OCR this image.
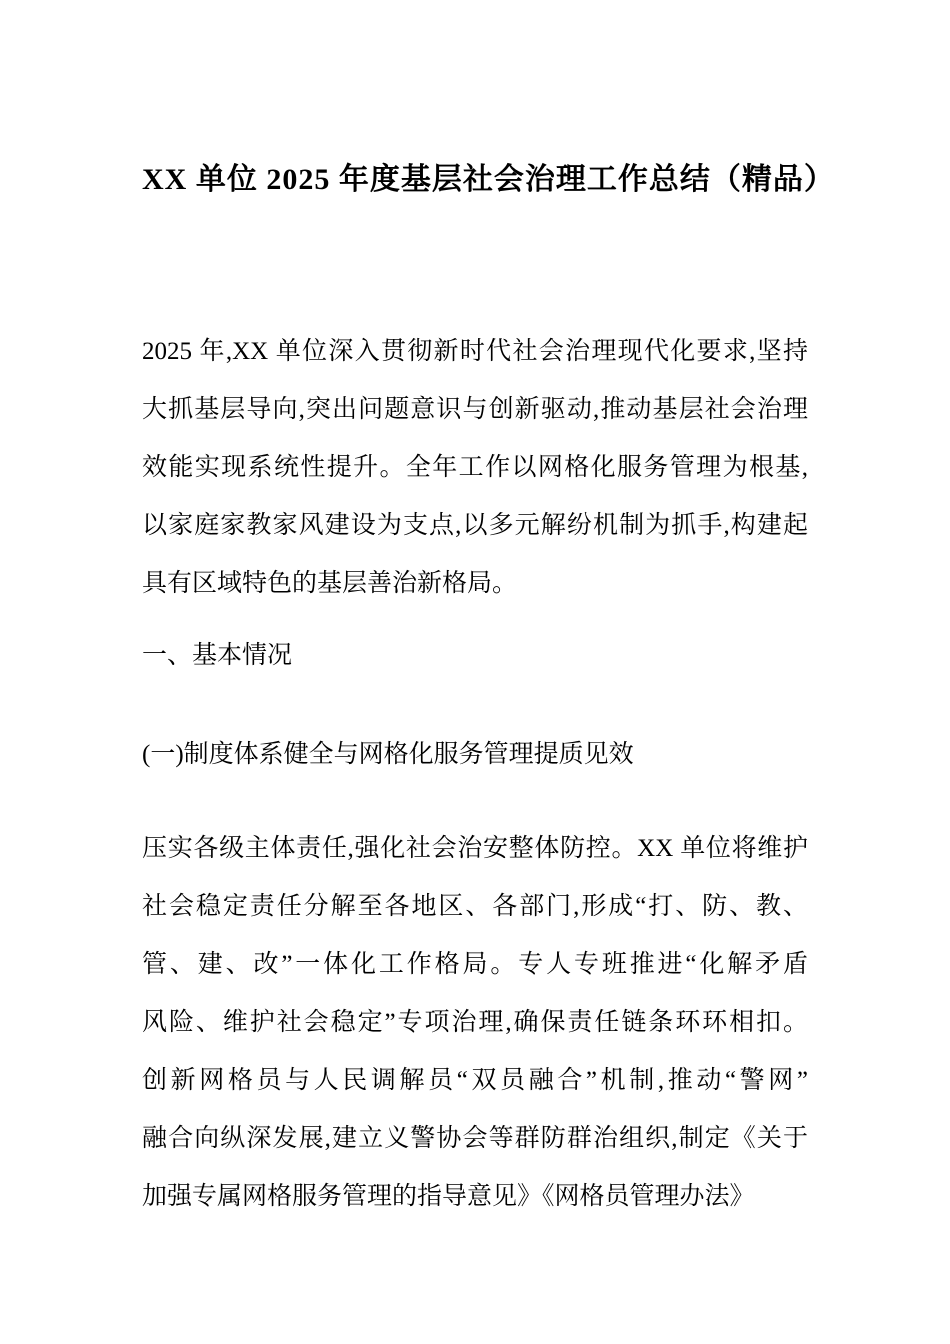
XX 单位 2025 年度基层社会治理工作总结（精品）
2025 年,XX 单位深入贯彻新时代社会治理现代化要求,坚持
大抓基层导向,突出问题意识与创新驱动,推动基层社会治理
效能实现系统性提升。全年工作以网格化服务管理为根基,
以家庭家教家风建设为支点,以多元解纷机制为抓手,构建起
具有区域特色的基层善治新格局。
一、基本情况
(一)制度体系健全与网格化服务管理提质见效
压实各级主体责任,强化社会治安整体防控。XX 单位将维护
社会稳定责任分解至各地区、各部门,形成“打、防、教、
管、建、改”一体化工作格局。专人专班推进“化解矛盾
风险、维护社会稳定”专项治理,确保责任链条环环相扣。
创新网格员与人民调解员“双员融合”机制,推动“警网”
融合向纵深发展,建立义警协会等群防群治组织,制定《关于
加强专属网格服务管理的指导意见》《网格员管理办法》
